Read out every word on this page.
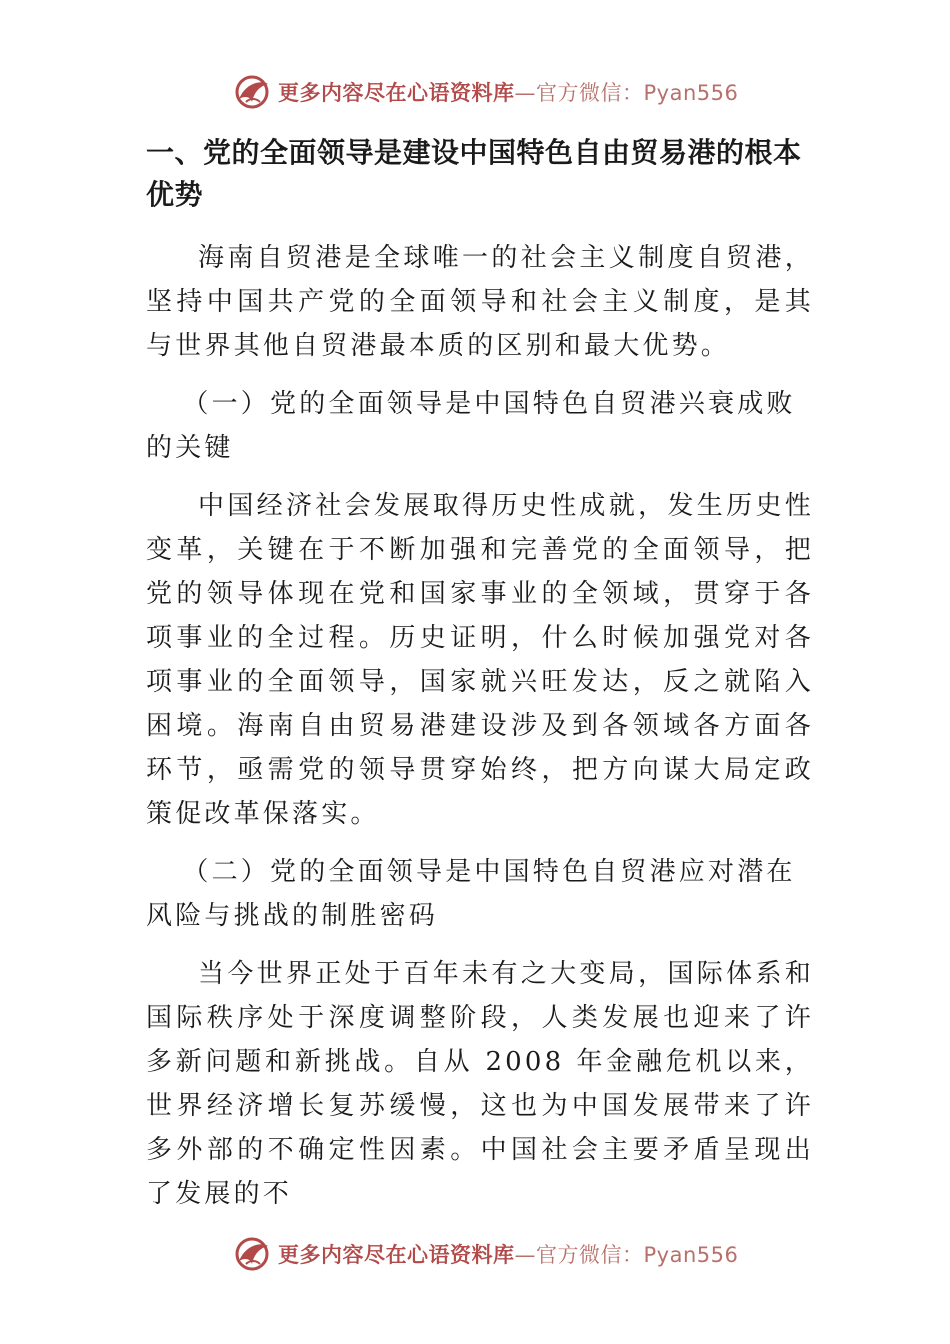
更多内容尽在心语资料库—官方微信：Pyan556
一、党的全面领导是建设中国特色自由贸易港的根本优势

海南自贸港是全球唯一的社会主义制度自贸港，坚持中国共产党的全面领导和社会主义制度，是其与世界其他自贸港最本质的区别和最大优势。

（一）党的全面领导是中国特色自贸港兴衰成败的关键

中国经济社会发展取得历史性成就，发生历史性变革，关键在于不断加强和完善党的全面领导，把党的领导体现在党和国家事业的全领域，贯穿于各项事业的全过程。历史证明，什么时候加强党对各项事业的全面领导，国家就兴旺发达，反之就陷入困境。海南自由贸易港建设涉及到各领域各方面各环节，亟需党的领导贯穿始终，把方向谋大局定政策促改革保落实。

（二）党的全面领导是中国特色自贸港应对潜在风险与挑战的制胜密码

当今世界正处于百年未有之大变局，国际体系和国际秩序处于深度调整阶段，人类发展也迎来了许多新问题和新挑战。自从 2008 年金融危机以来，世界经济增长复苏缓慢，这也为中国发展带来了许多外部的不确定性因素。中国社会主要矛盾呈现出了发展的不

更多内容尽在心语资料库—官方微信：Pyan556
